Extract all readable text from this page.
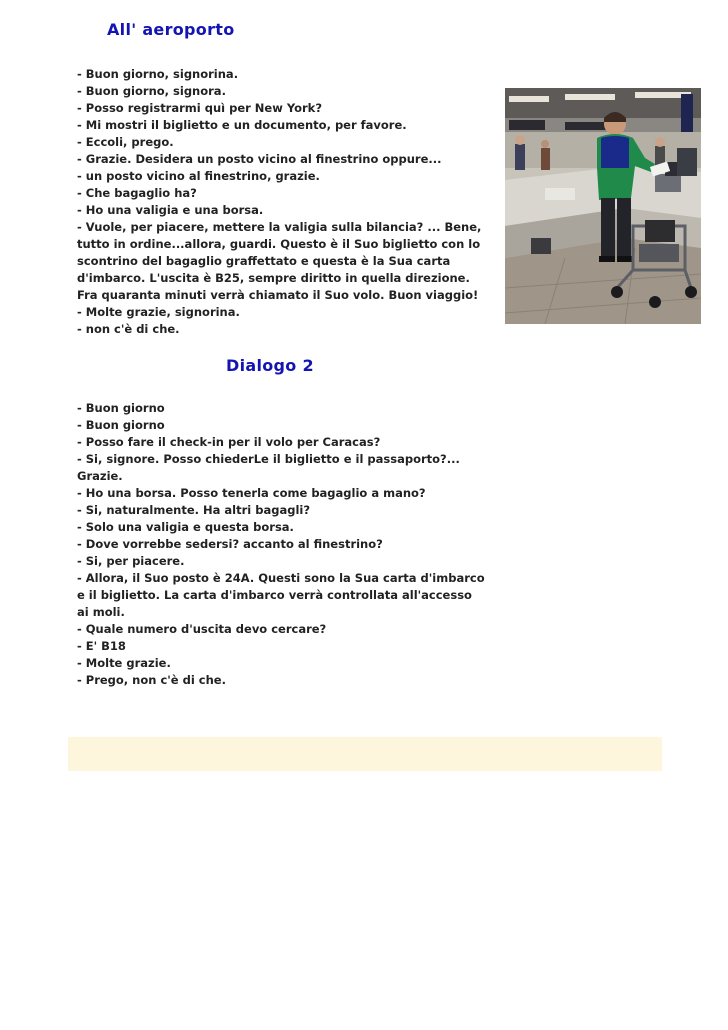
All' aeroporto
- Buon giorno, signorina.
- Buon giorno, signora.
- Posso registrarmi quì per New York?
- Mi mostri il biglietto e un documento, per favore.
- Eccoli, prego.
- Grazie. Desidera un posto vicino al finestrino oppure...
- un posto vicino al finestrino, grazie.
- Che bagaglio ha?
- Ho una valigia e una borsa.
- Vuole, per piacere, mettere la valigia sulla bilancia? ... Bene,
tutto in ordine...allora, guardi. Questo è il Suo biglietto con lo
scontrino del bagaglio graffettato e questa è la Sua carta
d'imbarco. L'uscita è B25, sempre diritto in quella direzione.
Fra quaranta minuti verrà chiamato il Suo volo. Buon viaggio!
- Molte grazie, signorina.
- non c'è di che.
Dialogo 2
- Buon giorno
- Buon giorno
- Posso fare il check-in per il volo per Caracas?
- Si, signore. Posso chiederLe il biglietto e il passaporto?...
Grazie.
- Ho una borsa. Posso tenerla come bagaglio a mano?
- Si, naturalmente. Ha altri bagagli?
- Solo una valigia e questa borsa.
- Dove vorrebbe sedersi? accanto al finestrino?
- Si, per piacere.
- Allora, il Suo posto è 24A. Questi sono la Sua carta d'imbarco
e il biglietto. La carta d'imbarco verrà controllata all'accesso
ai moli.
- Quale numero d'uscita devo cercare?
- E' B18
- Molte grazie.
- Prego, non c'è di che.
